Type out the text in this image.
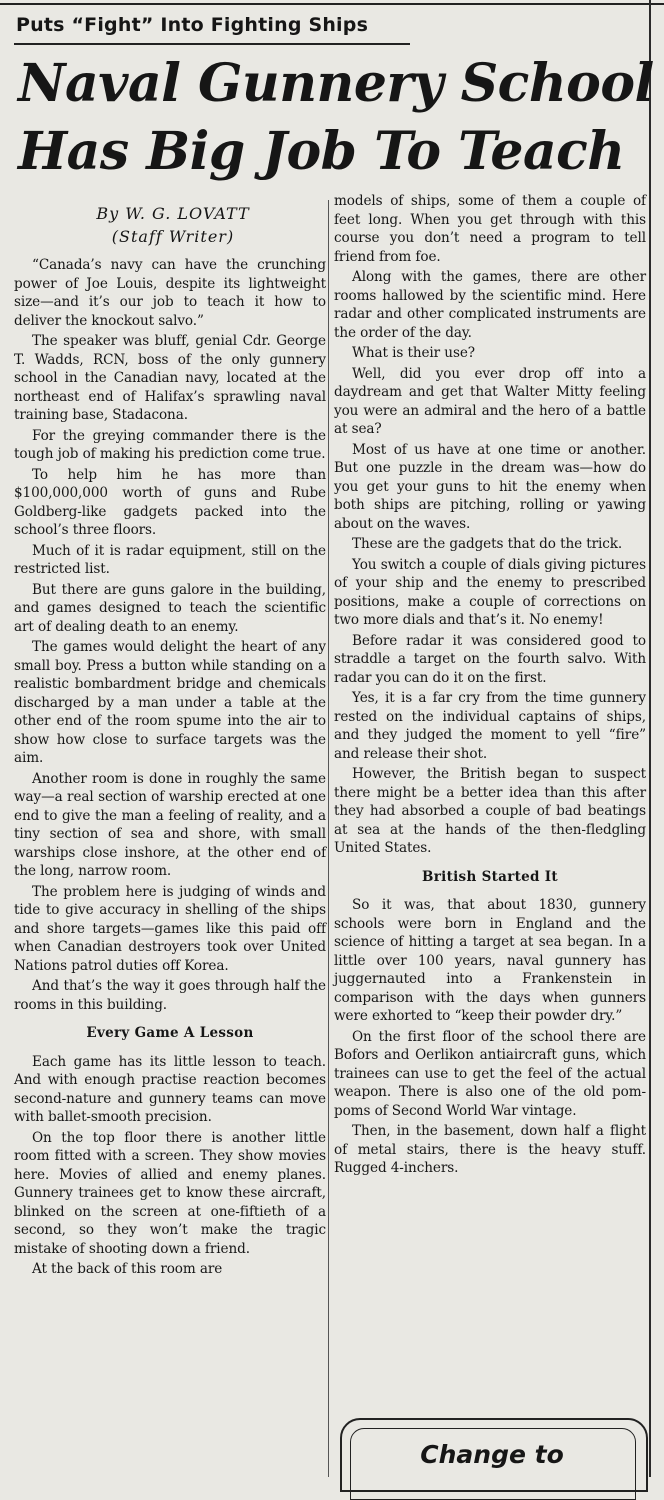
Puts “Fight” Into Fighting Ships
Naval Gunnery School
Has Big Job To Teach
By W. G. LOVATT
(Staff Writer)

“Canada’s navy can have the crunching power of Joe Louis, despite its lightweight size—and it’s our job to teach it how to deliver the knockout salvo.”

The speaker was bluff, genial Cdr. George T. Wadds, RCN, boss of the only gunnery school in the Canadian navy, located at the northeast end of Halifax’s sprawling naval training base, Stadacona.

For the greying commander there is the tough job of making his prediction come true.

To help him he has more than $100,000,000 worth of guns and Rube Goldberg-like gadgets packed into the school’s three floors.

Much of it is radar equipment, still on the restricted list.

But there are guns galore in the building, and games designed to teach the scientific art of dealing death to an enemy.

The games would delight the heart of any small boy. Press a button while standing on a realistic bombardment bridge and chemicals discharged by a man under a table at the other end of the room spume into the air to show how close to surface targets was the aim.

Another room is done in roughly the same way—a real section of warship erected at one end to give the man a feeling of reality, and a tiny section of sea and shore, with small warships close inshore, at the other end of the long, narrow room.

The problem here is judging of winds and tide to give accuracy in shelling of the ships and shore targets—games like this paid off when Canadian destroyers took over United Nations patrol duties off Korea.

And that’s the way it goes through half the rooms in this building.

Every Game A Lesson

Each game has its little lesson to teach. And with enough practise reaction becomes second-nature and gunnery teams can move with ballet-smooth precision.

On the top floor there is another little room fitted with a screen. They show movies here. Movies of allied and enemy planes. Gunnery trainees get to know these aircraft, blinked on the screen at one-fiftieth of a second, so they won’t make the tragic mistake of shooting down a friend.

At the back of this room are

models of ships, some of them a couple of feet long. When you get through with this course you don’t need a program to tell friend from foe.

Along with the games, there are other rooms hallowed by the scientific mind. Here radar and other complicated instruments are the order of the day.

What is their use?

Well, did you ever drop off into a daydream and get that Walter Mitty feeling you were an admiral and the hero of a battle at sea?

Most of us have at one time or another. But one puzzle in the dream was—how do you get your guns to hit the enemy when both ships are pitching, rolling or yawing about on the waves.

These are the gadgets that do the trick.

You switch a couple of dials giving pictures of your ship and the enemy to prescribed positions, make a couple of corrections on two more dials and that’s it. No enemy!

Before radar it was considered good to straddle a target on the fourth salvo. With radar you can do it on the first.

Yes, it is a far cry from the time gunnery rested on the individual captains of ships, and they judged the moment to yell “fire” and release their shot.

However, the British began to suspect there might be a better idea than this after they had absorbed a couple of bad beatings at sea at the hands of the then-fledgling United States.

British Started It

So it was, that about 1830, gunnery schools were born in England and the science of hitting a target at sea began. In a little over 100 years, naval gunnery has juggernauted into a Frankenstein in comparison with the days when gunners were exhorted to “keep their powder dry.”

On the first floor of the school there are Bofors and Oerlikon antiaircraft guns, which trainees can use to get the feel of the actual weapon. There is also one of the old pom-poms of Second World War vintage.

Then, in the basement, down half a flight of metal stairs, there is the heavy stuff. Rugged 4-inchers.

Change to
